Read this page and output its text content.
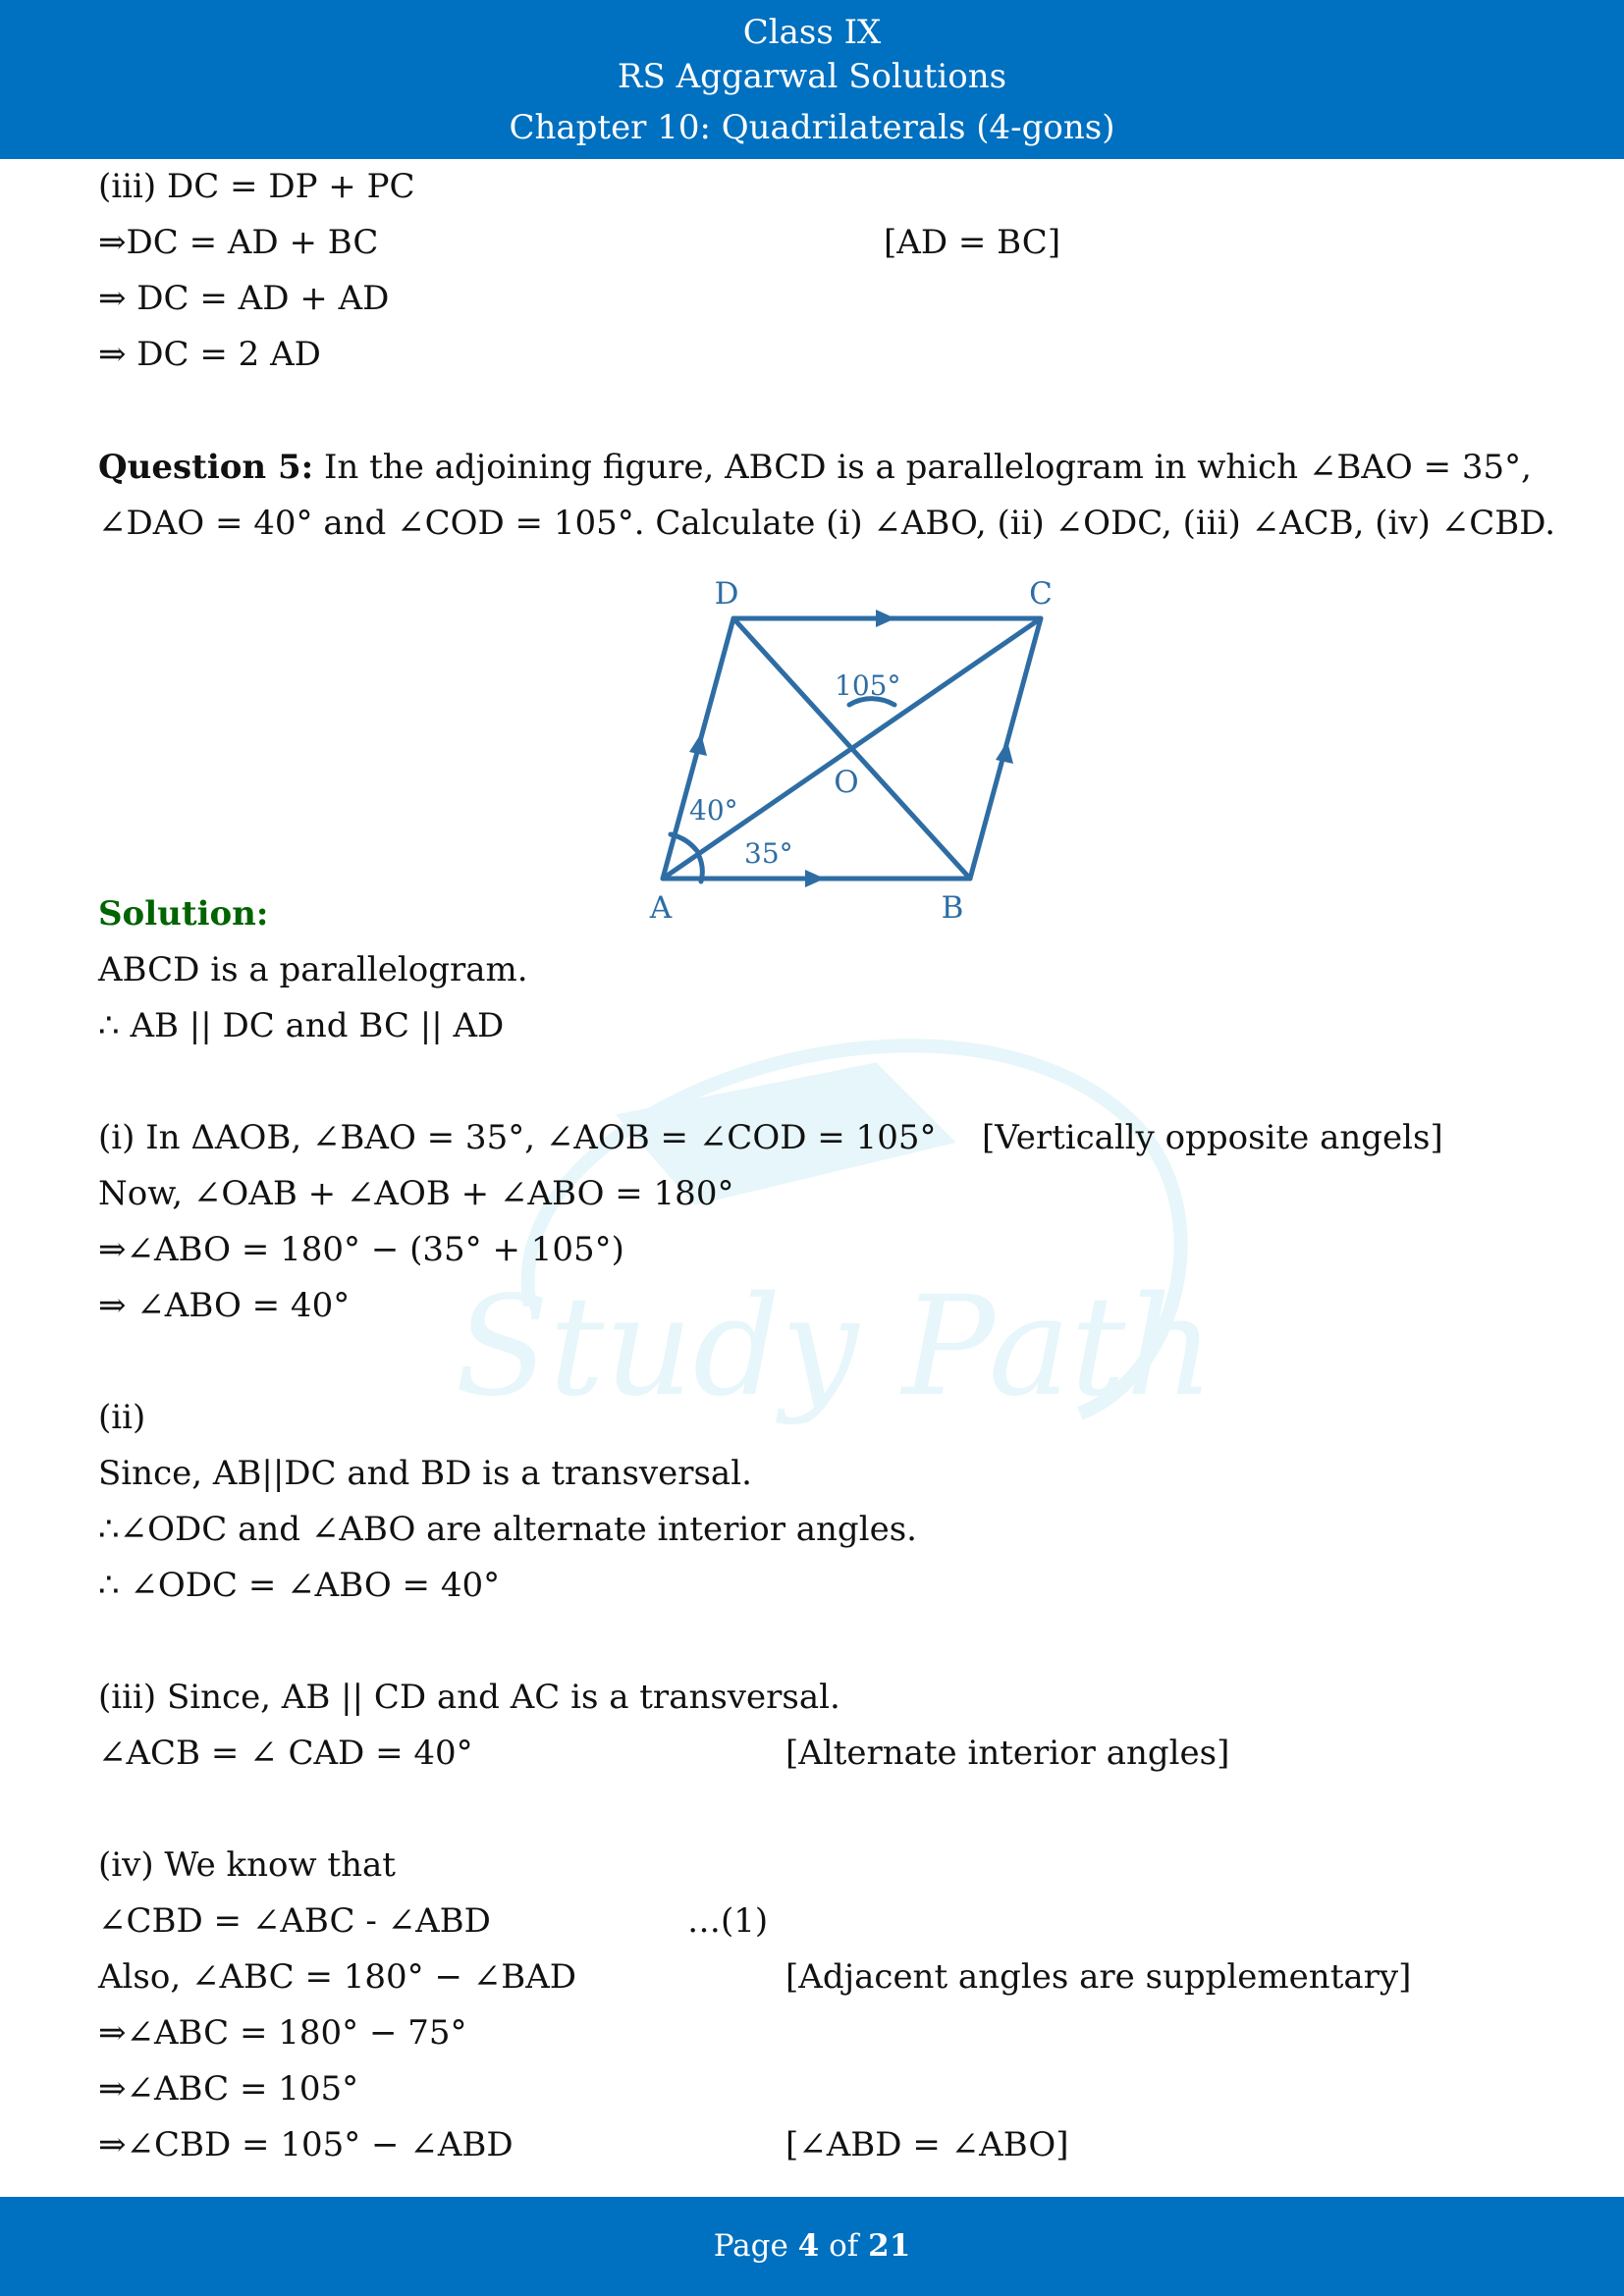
Class IX
RS Aggarwal Solutions
Chapter 10: Quadrilaterals (4-gons)
Study Path
(iii) DC = DP + PC
⇒DC = AD + BC	[AD = BC]
⇒ DC = AD + AD
⇒ DC = 2 AD
Question 5: In the adjoining figure, ABCD is a parallelogram in which ∠BAO = 35°,
∠DAO = 40° and ∠COD = 105°. Calculate (i) ∠ABO, (ii) ∠ODC, (iii) ∠ACB, (iv) ∠CBD.
D	C
A	B
O
105°
40°
35°
Solution:
ABCD is a parallelogram.
∴ AB || DC and BC || AD
(i) In ΔAOB, ∠BAO = 35°, ∠AOB = ∠COD = 105° [Vertically opposite angels]
Now, ∠OAB + ∠AOB + ∠ABO = 180°
⇒∠ABO = 180° − (35° + 105°)
⇒ ∠ABO = 40°
(ii)
Since, AB||DC and BD is a transversal.
∴∠ODC and ∠ABO are alternate interior angles.
∴ ∠ODC = ∠ABO = 40°
(iii) Since, AB || CD and AC is a transversal.
∠ACB = ∠ CAD = 40°	[Alternate interior angles]
(iv) We know that
∠CBD = ∠ABC - ∠ABD	…(1)
Also, ∠ABC = 180° − ∠BAD	[Adjacent angles are supplementary]
⇒∠ABC = 180° − 75°
⇒∠ABC = 105°
⇒∠CBD = 105° − ∠ABD	[∠ABD = ∠ABO]
Page 4 of 21
